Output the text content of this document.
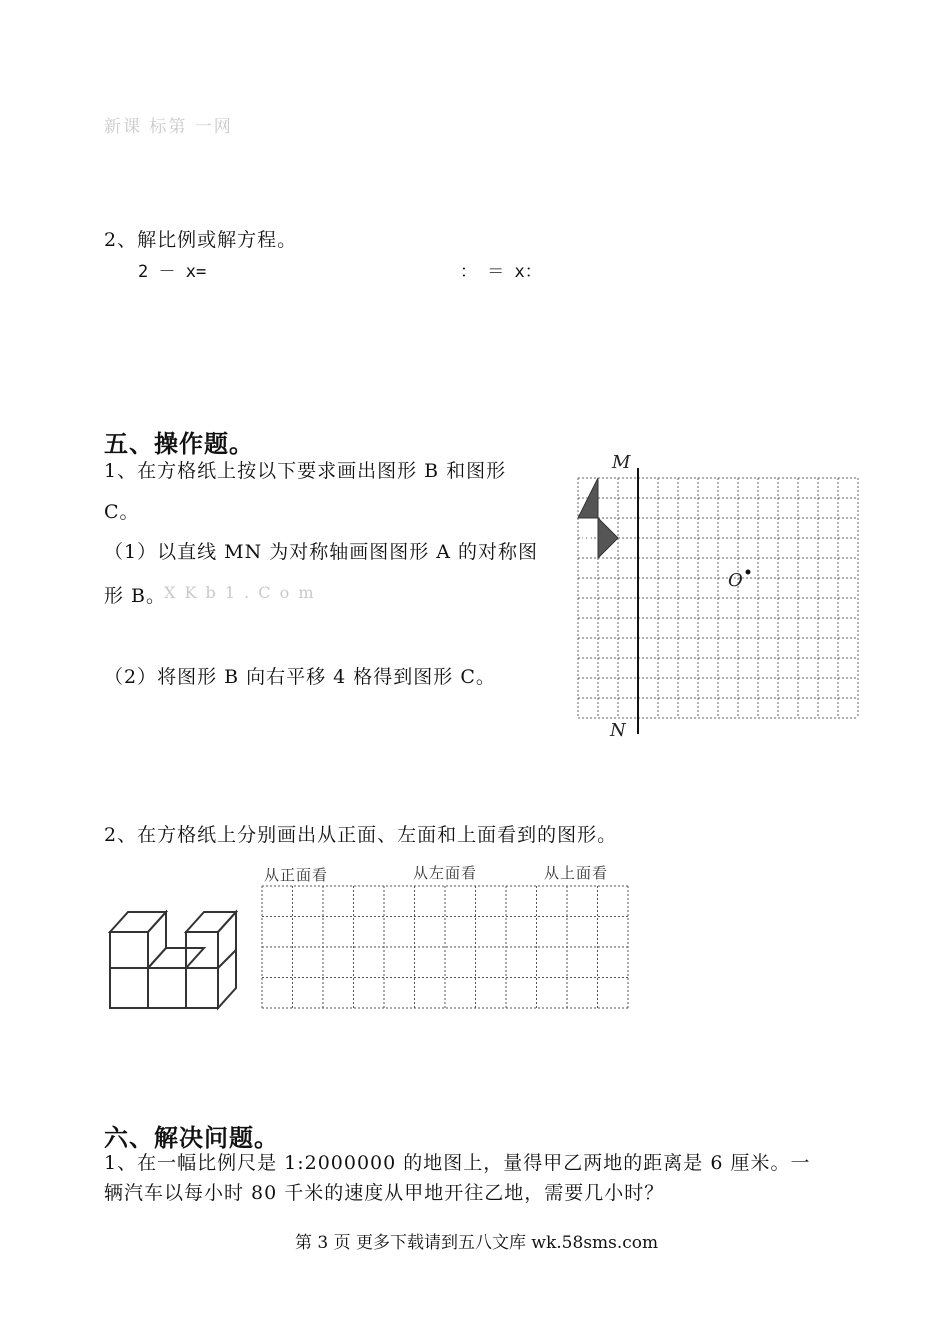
新课 标第 一网
2、解比例或解方程。
2 － x=	： ＝ x：
五、操作题。
1、在方格纸上按以下要求画出图形 B 和图形
C。
（1）以直线 MN 为对称轴画图图形 A 的对称图
形 B。
X K b 1 . C o m
（2）将图形 B 向右平移 4 格得到图形 C。
M
N
A
O
2、在方格纸上分别画出从正面、左面和上面看到的图形。
从正面看	从左面看	从上面看
六、解决问题。
1、在一幅比例尺是 1:2000000 的地图上，量得甲乙两地的距离是 6 厘米。一
辆汽车以每小时 80 千米的速度从甲地开往乙地，需要几小时？
第 3 页 更多下载请到五八文库 wk.58sms.com
